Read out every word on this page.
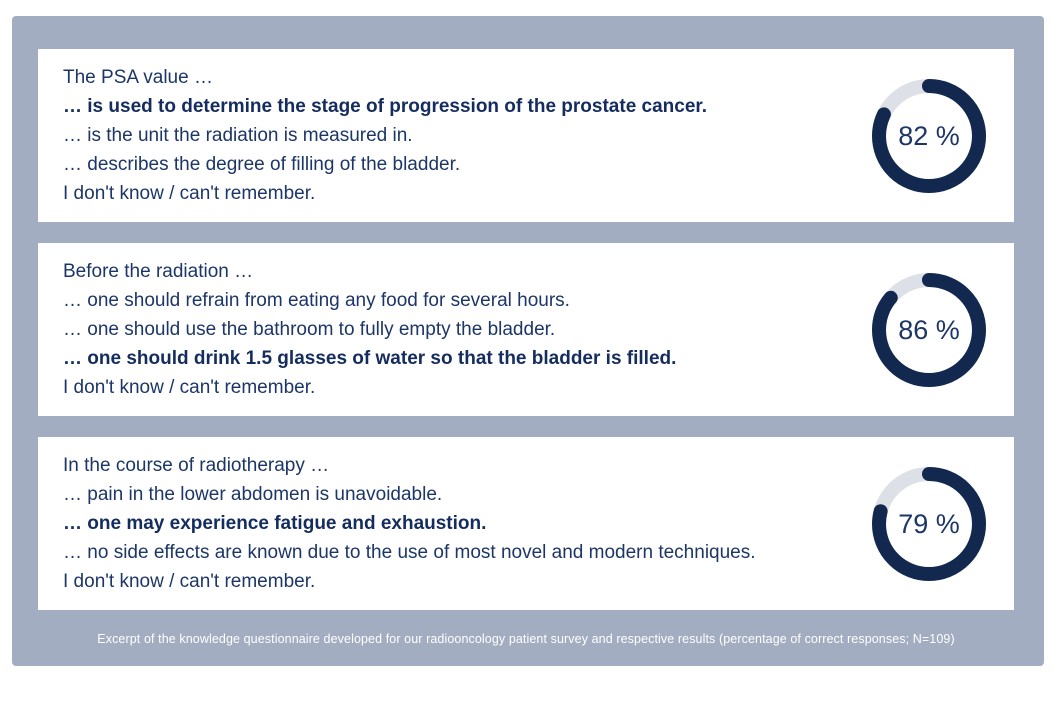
The PSA value …

… is used to determine the stage of progression of the prostate cancer.

… is the unit the radiation is measured in.

… describes the degree of filling of the bladder.

I don't know / can't remember.

82 %

Before the radiation …

… one should refrain from eating any food for several hours.

… one should use the bathroom to fully empty the bladder.

… one should drink 1.5 glasses of water so that the bladder is filled.

I don't know / can't remember.

86 %

In the course of radiotherapy …

… pain in the lower abdomen is unavoidable.

… one may experience fatigue and exhaustion.

… no side effects are known due to the use of most novel and modern techniques.

I don't know / can't remember.

79 %

Excerpt of the knowledge questionnaire developed for our radiooncology patient survey and respective results (percentage of correct responses; N=109)
